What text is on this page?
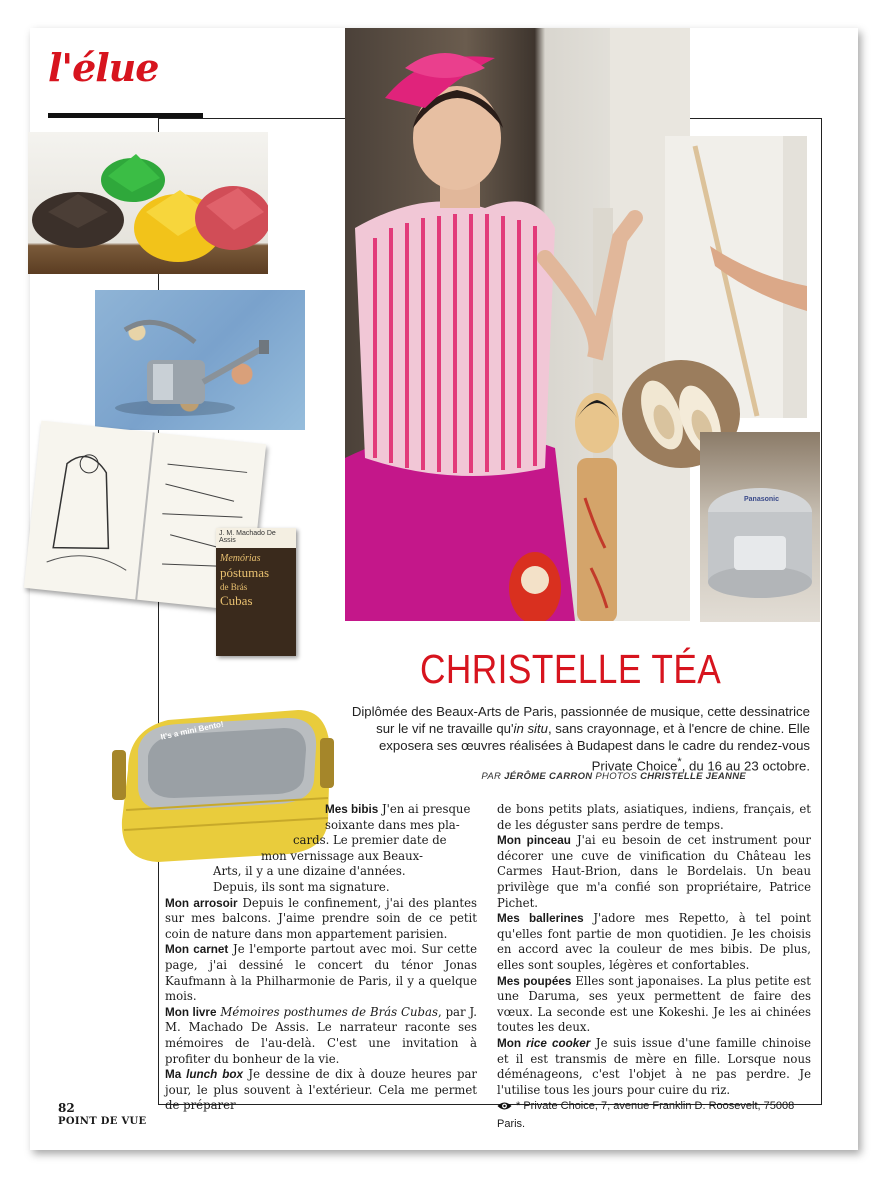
l'élue
J. M. Machado De Assis
Memórias
póstumas
de Brás
Cubas
Panasonic
It's a mini Bento!
CHRISTELLE TÉA
Diplômée des Beaux-Arts de Paris, passionnée de musique, cette dessinatrice sur le vif ne travaille qu'in situ, sans crayonnage, et à l'encre de chine. Elle exposera ses œuvres réalisées à Budapest dans le cadre du rendez-vous Private Choice*, du 16 au 23 octobre.
PAR JÉRÔME CARRON PHOTOS CHRISTELLE JEANNE

Mes bibis J'en ai presque

soixante dans mes pla-

cards. Le premier date de

mon vernissage aux Beaux-

Arts, il y a une dizaine d'années.

Depuis, ils sont ma signature.

Mon arrosoir Depuis le confinement, j'ai des plantes sur mes balcons. J'aime prendre soin de ce petit coin de nature dans mon appartement parisien.

Mon carnet Je l'emporte partout avec moi. Sur cette page, j'ai dessiné le concert du ténor Jonas Kaufmann à la Philharmonie de Paris, il y a quelque mois.

Mon livre Mémoires posthumes de Brás Cubas, par J. M. Machado De Assis. Le narrateur raconte ses mémoires de l'au-delà. C'est une invitation à profiter du bonheur de la vie.

Ma lunch box Je dessine de dix à douze heures par jour, le plus souvent à l'extérieur. Cela me permet de préparer

de bons petits plats, asiatiques, indiens, français, et de les déguster sans perdre de temps.

Mon pinceau J'ai eu besoin de cet instrument pour décorer une cuve de vinification du Château les Carmes Haut-Brion, dans le Bordelais. Un beau privilège que m'a confié son propriétaire, Patrice Pichet.

Mes ballerines J'adore mes Repetto, à tel point qu'elles font partie de mon quotidien. Je les choisis en accord avec la couleur de mes bibis. De plus, elles sont souples, légères et confortables.

Mes poupées Elles sont japonaises. La plus petite est une Daruma, ses yeux permettent de faire des vœux. La seconde est une Kokeshi. Je les ai chinées toutes les deux.

Mon rice cooker Je suis issue d'une famille chinoise et il est transmis de mère en fille. Lorsque nous déménageons, c'est l'objet à ne pas perdre. Je l'utilise tous les jours pour cuire du riz.

* Private Choice, 7, avenue Franklin D. Roosevelt, 75008 Paris.

82
POINT DE VUE
